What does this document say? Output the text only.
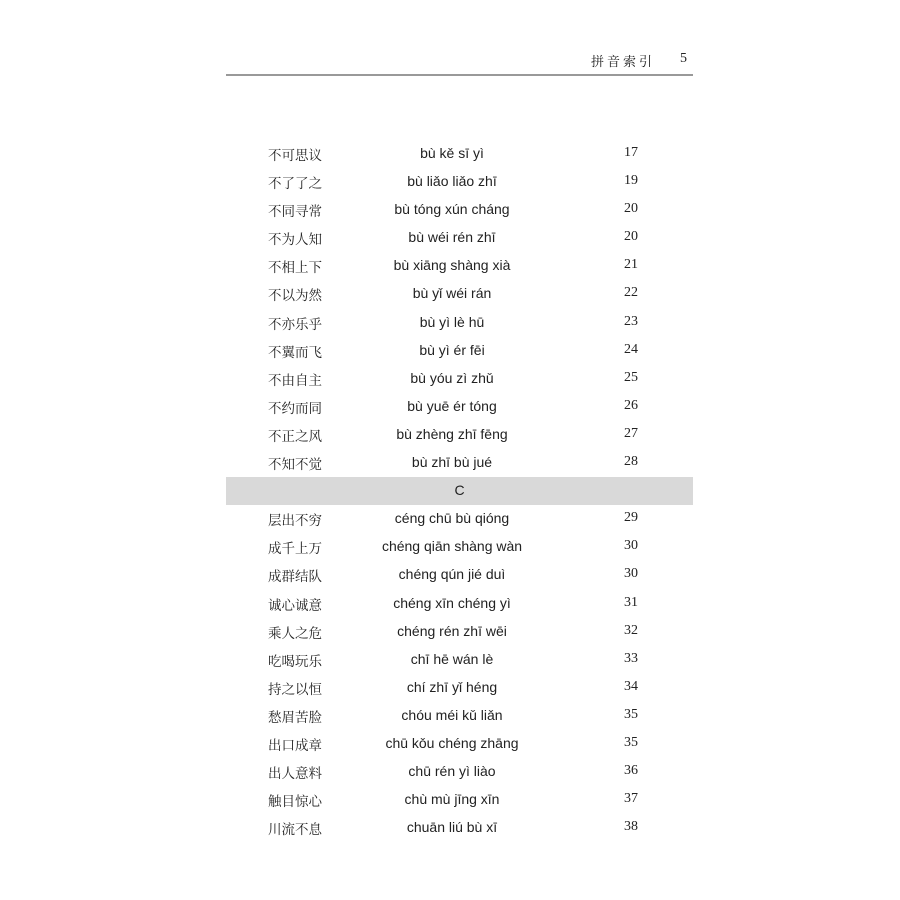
拼音索引 5
不可思议	bù kě sī yì	17
不了了之	bù liǎo liǎo zhī	19
不同寻常	bù tóng xún cháng	20
不为人知	bù wéi rén zhī	20
不相上下	bù xiāng shàng xià	21
不以为然	bù yǐ wéi rán	22
不亦乐乎	bù yì lè hū	23
不翼而飞	bù yì ér fēi	24
不由自主	bù yóu zì zhǔ	25
不约而同	bù yuē ér tóng	26
不正之风	bù zhèng zhī fēng	27
不知不觉	bù zhī bù jué	28
C
层出不穷	céng chū bù qióng	29
成千上万	chéng qiān shàng wàn	30
成群结队	chéng qún jié duì	30
诚心诚意	chéng xīn chéng yì	31
乘人之危	chéng rén zhī wēi	32
吃喝玩乐	chī hē wán lè	33
持之以恒	chí zhī yǐ héng	34
愁眉苦脸	chóu méi kǔ liǎn	35
出口成章	chū kǒu chéng zhāng	35
出人意料	chū rén yì liào	36
触目惊心	chù mù jīng xīn	37
川流不息	chuān liú bù xī	38
